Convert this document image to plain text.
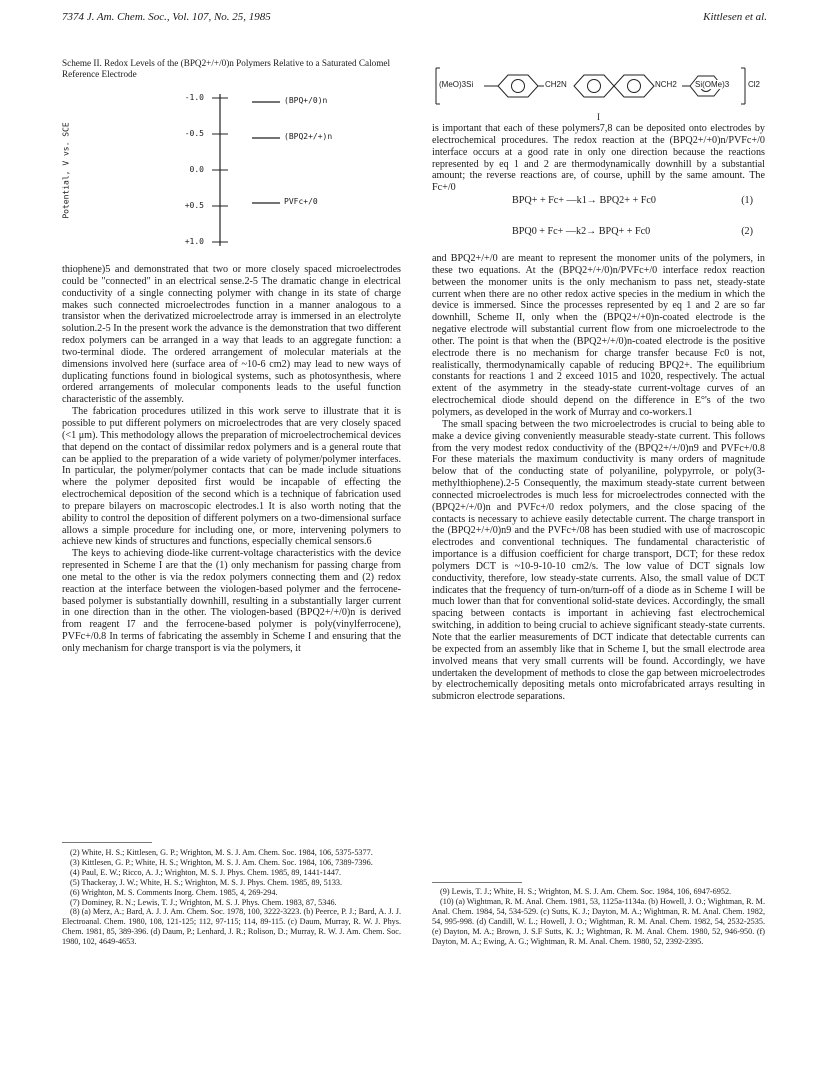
7374 J. Am. Chem. Soc., Vol. 107, No. 25, 1985	Kittlesen et al.
Scheme II. Redox Levels of the (BPQ2+/+/0)n Polymers Relative to a Saturated Calomel Reference Electrode
Potential, V vs. SCE
-1.0
-0.5
0.0
+0.5
+1.0
(BPQ+/0)n
(BPQ2+/+)n
PVFc+/0
(MeO)3Si	CH2N	NCH2 Si(OMe)3 Cl2
I

thiophene)5 and demonstrated that two or more closely spaced microelectrodes could be "connected" in an electrical sense.2-5 The dramatic change in electrical conductivity of a single connecting polymer with change in its state of charge makes such connected microelectrodes function in a manner analogous to a transistor when the derivatized microelectrode array is immersed in an electrolyte solution.2-5 In the present work the advance is the demonstration that two different redox polymers can be arranged in a way that leads to an aggregate function: a two-terminal diode. The ordered arrangement of molecular materials at the dimensions involved here (surface area of ~10-6 cm2) may lead to new ways of duplicating functions found in biological systems, such as photosynthesis, where ordered arrangements of molecular components leads to the useful function characteristic of the assembly.

The fabrication procedures utilized in this work serve to illustrate that it is possible to put different polymers on microelectrodes that are very closely spaced (<1 μm). This methodology allows the preparation of microelectrochemical devices that depend on the contact of dissimilar redox polymers and is a general route that can be applied to the preparation of a wide variety of polymer/polymer interfaces. In particular, the polymer/polymer contacts that can be made include situations where the polymer deposited first would be incapable of effecting the electrochemical deposition of the second which is a technique of fabrication used to prepare bilayers on macroscopic electrodes.1 It is also worth noting that the ability to control the deposition of different polymers on a two-dimensional surface allows a simple procedure for including one, or more, intervening polymers to achieve new kinds of structures and functions, especially chemical sensors.6

The keys to achieving diode-like current-voltage characteristics with the device represented in Scheme I are that the (1) only mechanism for passing charge from one metal to the other is via the redox polymers connecting them and (2) redox reaction at the interface between the viologen-based polymer and the ferrocene-based polymer is substantially downhill, resulting in a substantially larger current in one direction than in the other. The viologen-based (BPQ2+/+/0)n is derived from reagent I7 and the ferrocene-based polymer is poly(vinylferrocene), PVFc+/0.8 In terms of fabricating the assembly in Scheme I and ensuring that the only mechanism for charge transport is via the polymers, it

is important that each of these polymers7,8 can be deposited onto electrodes by electrochemical procedures. The redox reaction at the (BPQ2+/+0)n/PVFc+/0 interface occurs at a good rate in only one direction because the reactions represented by eq 1 and 2 are thermodynamically downhill by a substantial amount; the reverse reactions are, of course, uphill by the same amount. The Fc+/0

BPQ+ + Fc+ —k1→ BPQ2+ + Fc0	(1)
BPQ0 + Fc+ —k2→ BPQ+ + Fc0	(2)

and BPQ2+/+/0 are meant to represent the monomer units of the polymers, in these two equations. At the (BPQ2+/+/0)n/PVFc+/0 interface redox reaction between the monomer units is the only mechanism to pass net, steady-state current when there are no other redox active species in the medium in which the device is immersed. Since the processes represented by eq 1 and 2 are so far downhill, Scheme II, only when the (BPQ2+/+0)n-coated electrode is the negative electrode will substantial current flow from one microelectrode to the other. The point is that when the (BPQ2+/+/0)n-coated electrode is the positive electrode there is no mechanism for charge transfer because Fc0 is not, realistically, thermodynamically capable of reducing BPQ2+. The equilibrium constants for reactions 1 and 2 exceed 1015 and 1020, respectively. The actual extent of the asymmetry in the steady-state current-voltage curves of an electrochemical diode should depend on the difference in E°'s of the two polymers, as developed in the work of Murray and co-workers.1

The small spacing between the two microelectrodes is crucial to being able to make a device giving conveniently measurable steady-state current. This follows from the very modest redox conductivity of the (BPQ2+/+/0)n9 and PVFc+/0.8 For these materials the maximum conductivity is many orders of magnitude below that of the conducting state of polyaniline, polypyrrole, or poly(3-methylthiophene).2-5 Consequently, the maximum steady-state current between connected microelectrodes is much less for microelectrodes connected with the (BPQ2+/+/0)n and PVFc+/0 redox polymers, and the close spacing of the contacts is necessary to achieve easily detectable current. The charge transport in the (BPQ2+/+/0)n9 and the PVFc+/08 has been studied with use of macroscopic electrodes and conventional techniques. The fundamental characteristic of importance is a diffusion coefficient for charge transport, DCT; for these redox polymers DCT is ~10-9-10-10 cm2/s. The low value of DCT signals low conductivity, therefore, low steady-state currents. Also, the small value of DCT indicates that the frequency of turn-on/turn-off of a diode as in Scheme I will be much lower than that for conventional solid-state devices. Accordingly, the small spacing between contacts is important in achieving fast electrochemical switching, in addition to being crucial to achieve significant steady-state currents. Note that the earlier measurements of DCT indicate that detectable currents can be expected from an assembly like that in Scheme I, but the small electrode area involved means that very small currents will be found. Accordingly, we have undertaken the development of methods to close the gap between microelectrodes by electrochemically depositing metals onto microfabricated arrays resulting in submicron electrode separations.

(2) White, H. S.; Kittlesen, G. P.; Wrighton, M. S. J. Am. Chem. Soc. 1984, 106, 5375-5377.

(3) Kittlesen, G. P.; White, H. S.; Wrighton, M. S. J. Am. Chem. Soc. 1984, 106, 7389-7396.

(4) Paul, E. W.; Ricco, A. J.; Wrighton, M. S. J. Phys. Chem. 1985, 89, 1441-1447.

(5) Thackeray, J. W.; White, H. S.; Wrighton, M. S. J. Phys. Chem. 1985, 89, 5133.

(6) Wrighton, M. S. Comments Inorg. Chem. 1985, 4, 269-294.

(7) Dominey, R. N.; Lewis, T. J.; Wrighton, M. S. J. Phys. Chem. 1983, 87, 5346.

(8) (a) Merz, A.; Bard, A. J. J. Am. Chem. Soc. 1978, 100, 3222-3223. (b) Peerce, P. J.; Bard, A. J. J. Electroanal. Chem. 1980, 108, 121-125; 112, 97-115; 114, 89-115. (c) Daum, Murray, R. W. J. Phys. Chem. 1981, 85, 389-396. (d) Daum, P.; Lenhard, J. R.; Rolison, D.; Murray, R. W. J. Am. Chem. Soc. 1980, 102, 4649-4653.

(9) Lewis, T. J.; White, H. S.; Wrighton, M. S. J. Am. Chem. Soc. 1984, 106, 6947-6952.

(10) (a) Wightman, R. M. Anal. Chem. 1981, 53, 1125a-1134a. (b) Howell, J. O.; Wightman, R. M. Anal. Chem. 1984, 54, 534-529. (c) Sutts, K. J.; Dayton, M. A.; Wightman, R. M. Anal. Chem. 1982, 54, 995-998. (d) Candill, W. L.; Howell, J. O.; Wightman, R. M. Anal. Chem. 1982, 54, 2532-2535. (e) Dayton, M. A.; Brown, J. S.F Sutts, K. J.; Wightman, R. M. Anal. Chem. 1980, 52, 946-950. (f) Dayton, M. A.; Ewing, A. G.; Wightman, R. M. Anal. Chem. 1980, 52, 2392-2395.
